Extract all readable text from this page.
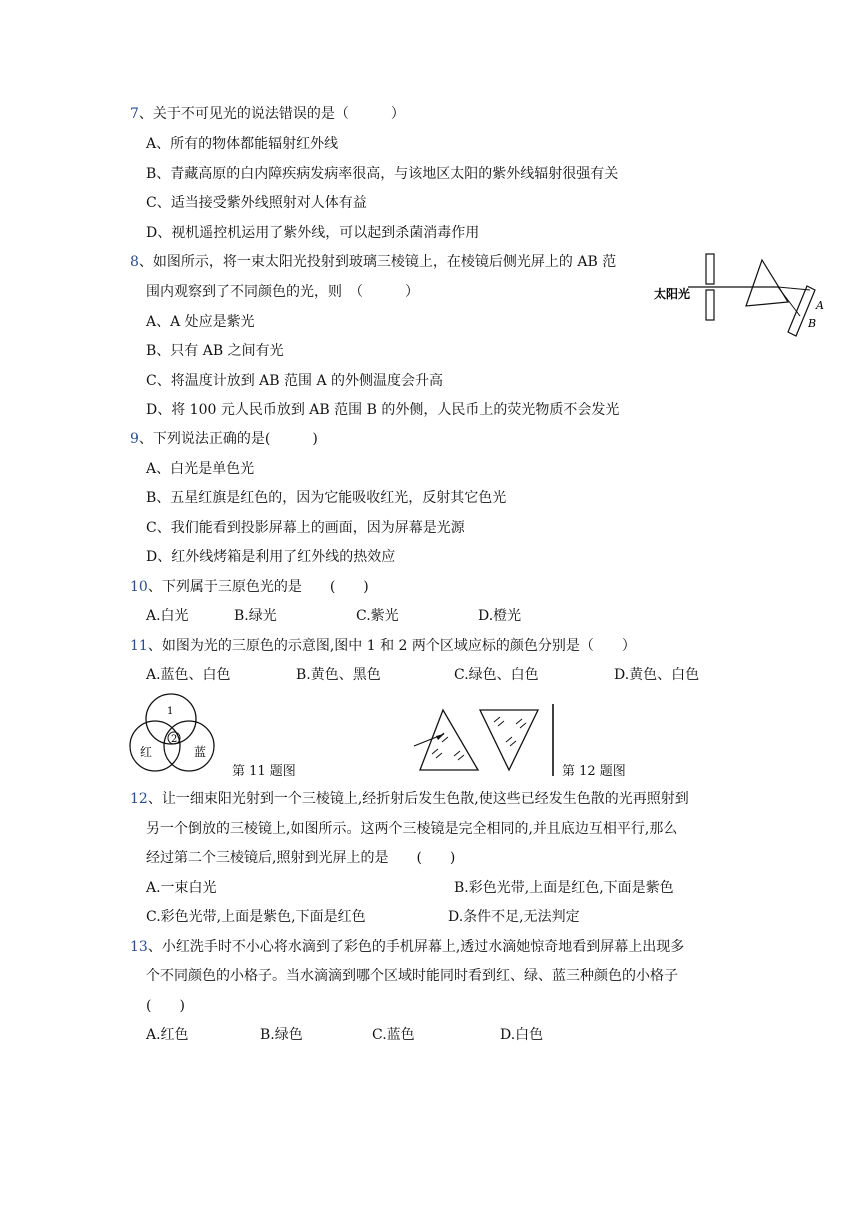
7、关于不可见光的说法错误的是（　　　）
A、所有的物体都能辐射红外线
B、青藏高原的白内障疾病发病率很高，与该地区太阳的紫外线辐射很强有关
C、适当接受紫外线照射对人体有益
D、视机遥控机运用了紫外线，可以起到杀菌消毒作用
8、如图所示，将一束太阳光投射到玻璃三棱镜上，在棱镜后侧光屏上的 AB 范
围内观察到了不同颜色的光，则　（　　　）
A、A 处应是紫光
B、只有 AB 之间有光
C、将温度计放到 AB 范围 A 的外侧温度会升高
D、将 100 元人民币放到 AB 范围 B 的外侧，人民币上的荧光物质不会发光
太阳光
A
B
9、下列说法正确的是(　　　)
A、白光是单色光
B、五星红旗是红色的，因为它能吸收红光，反射其它色光
C、我们能看到投影屏幕上的画面，因为屏幕是光源
D、红外线烤箱是利用了红外线的热效应
10、下列属于三原色光的是　　(　　)
A.白光	B.绿光	C.紫光	D.橙光
11、如图为光的三原色的示意图,图中 1 和 2 两个区域应标的颜色分别是（　　）
A.蓝色、白色	B.黄色、黑色	C.绿色、白色	D.黄色、白色
1
2
红	蓝
第 11 题图	第 12 题图
12、让一细束阳光射到一个三棱镜上,经折射后发生色散,使这些已经发生色散的光再照射到
另一个倒放的三棱镜上,如图所示。这两个三棱镜是完全相同的,并且底边互相平行,那么
经过第二个三棱镜后,照射到光屏上的是　　(　　)
A.一束白光	B.彩色光带,上面是红色,下面是紫色
C.彩色光带,上面是紫色,下面是红色	D.条件不足,无法判定
13、小红洗手时不小心将水滴到了彩色的手机屏幕上,透过水滴她惊奇地看到屏幕上出现多
个不同颜色的小格子。当水滴滴到哪个区域时能同时看到红、绿、蓝三种颜色的小格子
(　　)
A.红色	B.绿色	C.蓝色	D.白色
